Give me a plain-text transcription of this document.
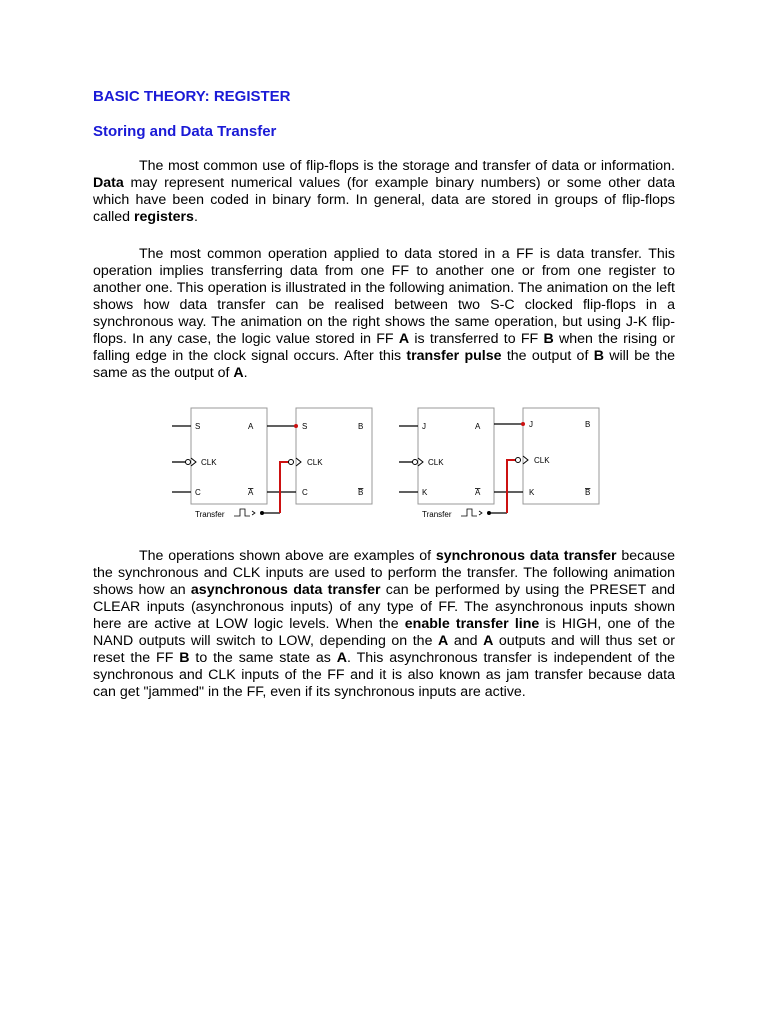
BASIC THEORY: REGISTER
Storing and Data Transfer

The most common use of flip-flops is the storage and transfer of data or information. Data may represent numerical values (for example binary numbers) or some other data which have been coded in binary form. In general, data are stored in groups of flip-flops called registers.

The most common operation applied to data stored in a FF is data transfer. This operation implies transferring data from one FF to another one or from one register to another one. This operation is illustrated in the following animation. The animation on the left shows how data transfer can be realised between two S-C clocked flip-flops in a synchronous way. The animation on the right shows the same operation, but using J-K flip-flops. In any case, the logic value stored in FF A is transferred to FF B when the rising or falling edge in the clock signal occurs. After this transfer pulse the output of B will be the same as the output of A.

S
CLK
C
A
A
S
CLK
C
B
B
Transfer
J
CLK
K
A
A
J
CLK
K
B
B
Transfer

The operations shown above are examples of synchronous data transfer because the synchronous and CLK inputs are used to perform the transfer. The following animation shows how an asynchronous data transfer can be performed by using the PRESET and CLEAR inputs (asynchronous inputs) of any type of FF. The asynchronous inputs shown here are active at LOW logic levels. When the enable transfer line is HIGH, one of the NAND outputs will switch to LOW, depending on the A and A outputs and will thus set or reset the FF B to the same state as A. This asynchronous transfer is independent of the synchronous and CLK inputs of the FF and it is also known as jam transfer because data can get "jammed" in the FF, even if its synchronous inputs are active.
